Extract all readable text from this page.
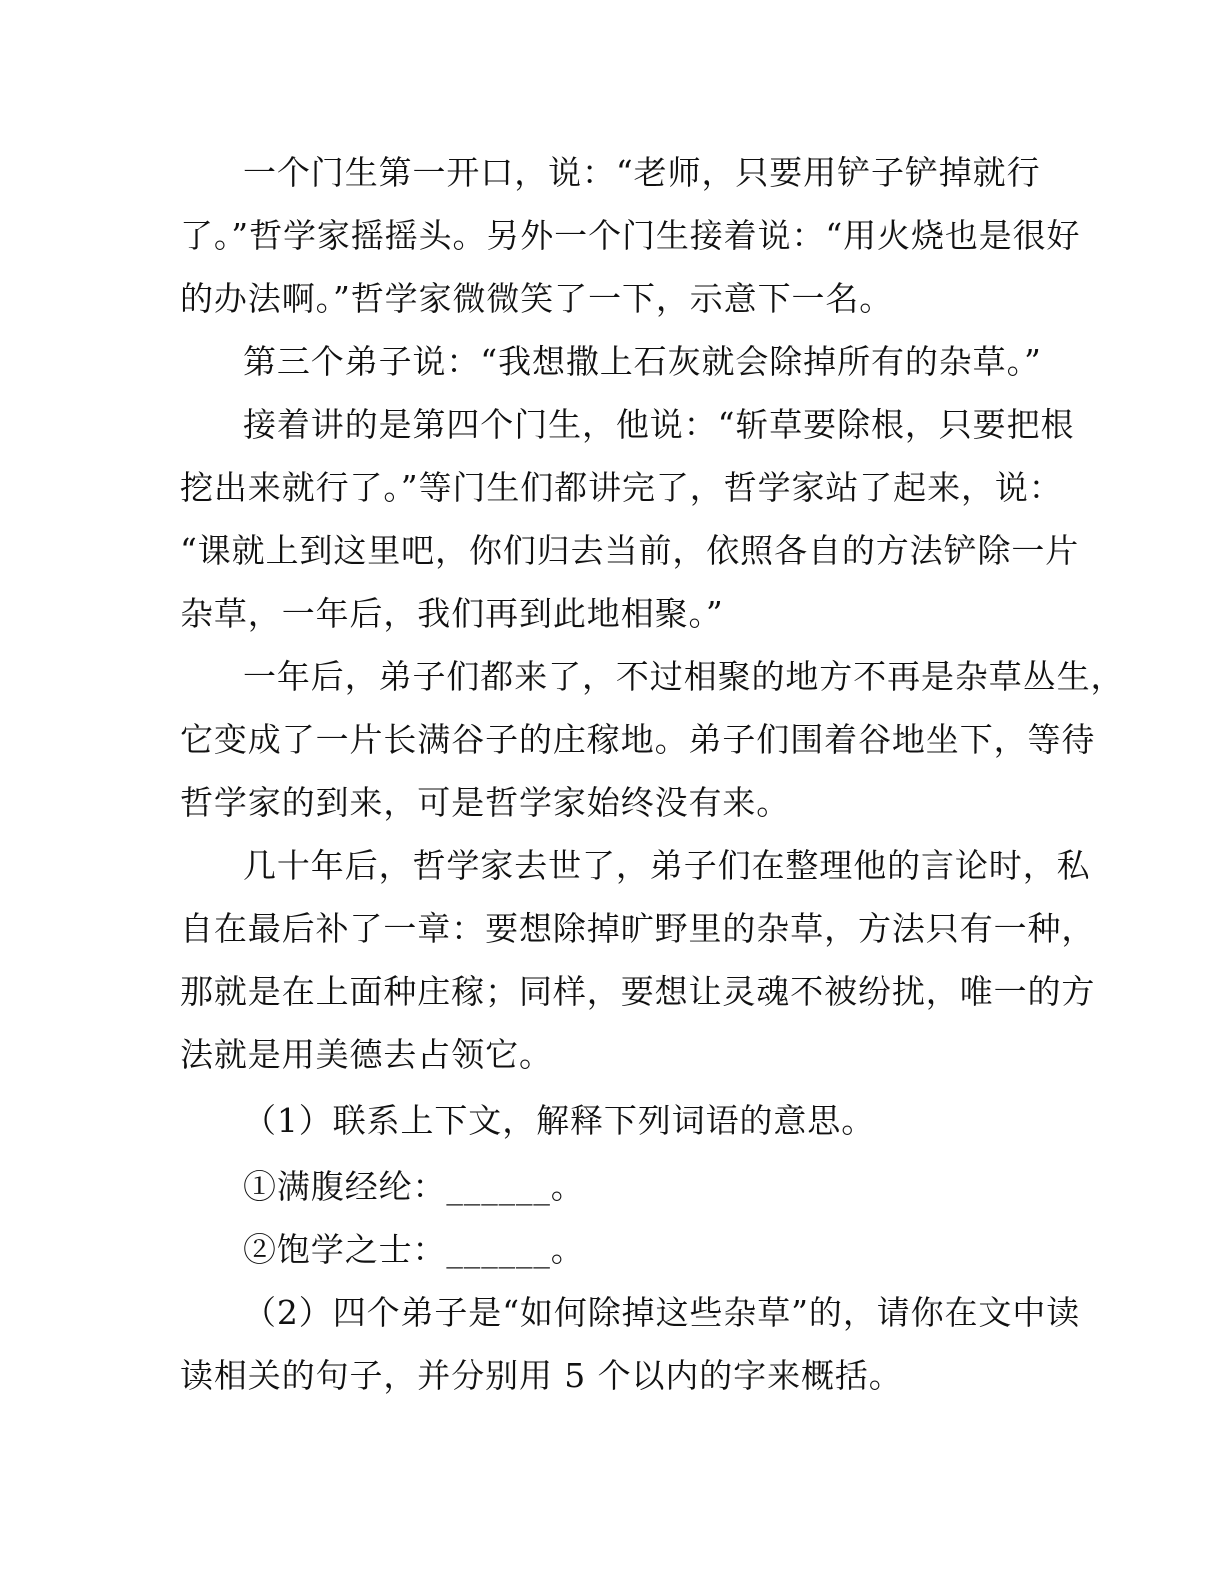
一个门生第一开口，说：“老师，只要用铲子铲掉就行
了。”哲学家摇摇头。另外一个门生接着说：“用火烧也是很好
的办法啊。”哲学家微微笑了一下，示意下一名。
第三个弟子说：“我想撒上石灰就会除掉所有的杂草。”
接着讲的是第四个门生，他说：“斩草要除根，只要把根
挖出来就行了。”等门生们都讲完了，哲学家站了起来，说：
“课就上到这里吧，你们归去当前，依照各自的方法铲除一片
杂草，一年后，我们再到此地相聚。”
一年后，弟子们都来了，不过相聚的地方不再是杂草丛生，
它变成了一片长满谷子的庄稼地。弟子们围着谷地坐下，等待
哲学家的到来，可是哲学家始终没有来。
几十年后，哲学家去世了，弟子们在整理他的言论时，私
自在最后补了一章：要想除掉旷野里的杂草，方法只有一种，
那就是在上面种庄稼；同样，要想让灵魂不被纷扰，唯一的方
法就是用美德去占领它。
（1）联系上下文，解释下列词语的意思。
①满腹经纶：______。
②饱学之士：______。
（2）四个弟子是“如何除掉这些杂草”的，请你在文中读
读相关的句子，并分别用 5 个以内的字来概括。
